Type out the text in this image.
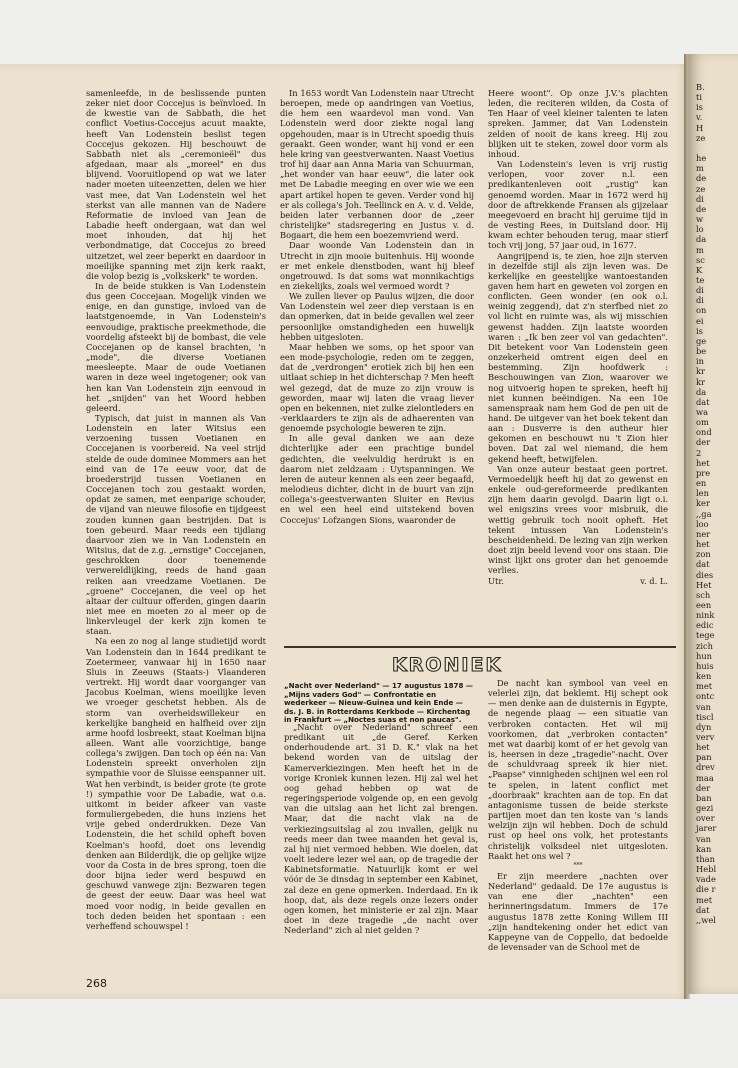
B.
ti
is
v.
H
ze

he
m
de
ze
di
de
w
lo
da
m
sc
K
te
di
di
on
ei
is
ge
be
in
kr
kr
da
dat
wa
om
ond
der
2
het
pre
en
len
ker
,,ga
loo
ner
het
zon
dat
dies
Het
sch
een
nink
edic
tege
zich
hun
huis
ken
met
ontc
van
tiscl
dyn
verv
het
pan
drev
maa
der
ban
gezi
over
jarer
van
kan
than
Hebl
vade
die r
met
dat
,,wel

samenleefde, in de beslissende punten zeker niet door Coccejus is beïnvloed. In de kwestie van de Sabbath, die het conflict Voetius-Coccejus acuut maakte, heeft Van Lodenstein beslist tegen Coccejus gekozen. Hij beschouwt de Sabbath niet als „ceremonieël" dus afgedaan, maar als „moreel" en dus blijvend. Vooruitlopend op wat we later nader moeten uiteenzetten, delen we hier vast mee, dat Van Lodenstein wel het sterkst van alle mannen van de Nadere Reformatie de invloed van Jean de Labadie heeft ondergaan, wat dan wel moet inhouden, dat hij het verbondmatige, dat Coccejus zo breed uitzetzet, wel zeer beperkt en daardoor in moeilijke spanning met zijn kerk raakt, die volop bezig is „volkskerk" te worden.

In de beide stukken is Van Lodenstein dus geen Coccejaan. Mogelijk vinden we enige, en dan gunstige, invloed van de laatstgenoemde, in Van Lodenstein's eenvoudige, praktische preekmethode, die voordelig afsteekt bij de bombast, die vele Coccejanen op de kansel brachten, 'n „mode", die diverse Voetianen meesleepte. Maar de oude Voetianen waren in deze weel ingetogener; ook van hen kan Van Lodenstein zijn eenvoud in het „snijden" van het Woord hebben geleerd.

Typisch, dat juist in mannen als Van Lodenstein en later Witsius een verzoening tussen Voetianen en Coccejanen is voorbereid. Na veel strijd stelde de oude dominee Mommers aan het eind van de 17e eeuw voor, dat de broederstrijd tussen Voetianen en Coccejanen toch zou gestaakt worden, opdat ze samen, met eenparige schouder, de vijand van nieuwe filosofie en tijdgeest zouden kunnen gaan bestrijden. Dat is toen gebeurd. Maar reeds een tijdlang daarvoor zien we in Van Lodenstein en Witsius, dat de z.g. „ernstige" Coccejanen, geschrokken door toenemende verwereldlijking, reeds de hand gaan reiken aan vreedzame Voetianen. De „groene" Coccejanen, die veel op het altaar der cultuur offerden, gingen daarin niet mee en moeten zo al meer op de linkervleugel der kerk zijn komen te staan.

Na een zo nog al lange studietijd wordt Van Lodenstein dan in 1644 predikant te Zoetermeer, vanwaar hij in 1650 naar Sluis in Zeeuws (Staats-) Vlaanderen vertrekt. Hij wordt daar voorganger van Jacobus Koelman, wiens moeilijke leven we vroeger geschetst hebben. Als de storm van overheidswillekeur en kerkelijke bangheid en halfheid over zijn arme hoofd losbreekt, staat Koelman bijna alleen. Want alle voorzichtige, bange collega's zwijgen. Dan toch op één na: Van Lodenstein spreekt onverholen zijn sympathie voor de Sluisse eenspanner uit. Wat hen verbindt, is beider grote (te grote !) sympathie voor De Labadie, wat o.a. uitkomt in beider afkeer van vaste formuliergebeden, die huns inziens het vrije gebed onderdrukken. Deze Van Lodenstein, die het schild opheft boven Koelman's hoofd, doet ons levendig denken aan Bilderdijk, die op gelijke wijze voor da Costa in de bres sprong, toen die door bijna ieder werd bespuwd en geschuwd vanwege zijn: Bezwaren tegen de geest der eeuw. Daar was heel wat moed voor nodig, in beide gevallen en toch deden beiden het spontaan : een verheffend schouwspel !

In 1653 wordt Van Lodenstein naar Utrecht beroepen, mede op aandringen van Voetius, die hem een waardevol man vond. Van Lodenstein werd door ziekte nogal lang opgehouden, maar is in Utrecht spoedig thuis geraakt. Geen wonder, want hij vond er een hele kring van geestverwanten. Naast Voetius trof hij daar aan Anna Maria van Schuurman, „het wonder van haar eeuw", die later ook met De Labadie meeging en over wie we een apart artikel hopen te geven. Verder vond hij er als collega's Joh. Teellinck en A. v. d. Velde, beiden later verbannen door de „zeer christelijke" stadsregering en Justus v. d. Bogaart, die hem een boezemvriend werd.

Daar woonde Van Lodenstein dan in Utrecht in zijn mooie buitenhuis. Hij woonde er met enkele dienstboden, want hij bleef ongetrouwd. Is dat soms wat monnikachtigs en ziekelijks, zoals wel vermoed wordt ?

We zullen liever op Paulus wijzen, die door Van Lodenstein wel zeer diep verstaan is en dan opmerken, dat in beide gevallen wel zeer persoonlijke omstandigheden een huwelijk hebben uitgesloten.

Maar hebben we soms, op het spoor van een mode-psychologie, reden om te zeggen, dat de „verdrongen" erotiek zich bij hen een uitlaat schiep in het dichterschap ? Men heeft wel gezegd, dat de muze zo zijn vrouw is geworden, maar wij laten die vraag liever open en bekennen, niet zulke zielontleders en -verklaarders te zijn als de adhaerenten van genoemde psychologie beweren te zijn.

In alle geval danken we aan deze dichterlijke ader een prachtige bundel gedichten, die veelvuldig herdrukt is en daarom niet zeldzaam : Uytspanningen. We leren de auteur kennen als een zeer begaafd, melodieus dichter, dicht in de buurt van zijn collega's-geestverwanten Sluiter en Revius en wel een heel eind uitstekend boven Coccejus' Lofzangen Sions, waaronder de

Heere woont". Op onze J.V.'s plachten leden, die reciteren wilden, da Costa of Ten Haar of veel kleiner talenten te laten spreken. Jammer, dat Van Lodenstein zelden of nooit de kans kreeg. Hij zou blijken uit te steken, zowel door vorm als inhoud.

Van Lodenstein's leven is vrij rustig verlopen, voor zover n.l. een predikantenleven ooit „rustig" kan genoemd worden. Maar in 1672 werd hij door de aftrekkende Fransen als gijzelaar meegevoerd en bracht hij geruime tijd in de vesting Rees, in Duitsland door. Hij kwam echter behouden terug, maar stierf toch vrij jong, 57 jaar oud, in 1677.

Aangrijpend is, te zien, hoe zijn sterven in dezelfde stijl als zijn leven was. De kerkelijke en geestelijke wantoestanden gaven hem hart en geweten vol zorgen en conflicten. Geen wonder (en ook o.l. weinig zeggend), dat z'n sterfbed niet zo vol licht en ruimte was, als wij misschien gewenst hadden. Zijn laatste woorden waren : „Ik ben zeer vol van gedachten". Dit betekent voor Van Lodenstein geen onzekerheid omtrent eigen deel en bestemming. Zijn hoofdwerk : Beschouwingen van Zion, waarover we nog uitvoerig hopen te spreken, heeft hij niet kunnen beëindigen. Na een 10e samenspraak nam hem God de pen uit de hand. De uitgever van het boek tekent dan aan : Dusverre is den autheur hier gekomen en beschouwt nu 't Zion hier boven. Dat zal wel niemand, die hem gekend heeft, betwijfelen.

Van onze auteur bestaat geen portret. Vermoedelijk heeft hij dat zo gewenst en enkele oud-gereformeerde predikanten zijn hem daarin gevolgd. Daarin ligt o.i. wel enigszins vrees voor misbruik, die wettig gebruik toch nooit opheft. Het tekent intussen Van Lodenstein's bescheidenheid. De lezing van zijn werken doet zijn beeld levend voor ons staan. Die winst lijkt ons groter dan het genoemde verlies.

Utr.	v. d. L.
KRONIEK
„Nacht over Nederland" — 17 augustus 1878 — „Mijns vaders God" — Confrontatie en wederkeer — Nieuw-Guinea und kein Ende — ds. J. B. in Rotterdams Kerkbode — Kirchentag in Frankfurt — „Noctes suas et non paucas".

„Nacht over Nederland" schreef een predikant uit „de Geref. Kerken onderhoudende art. 31 D. K." vlak na het bekend worden van de uitslag der Kamerverkiezingen. Men heeft het in de vorige Kroniek kunnen lezen. Hij zal wel het oog gehad hebben op wat de regeringsperiode volgende op, en een gevolg van die uitslag aan het licht zal brengen. Maar, dat die nacht vlak na de verkiezingsuitslag al zou invallen, gelijk nu reeds meer dan twee maanden het geval is, zal hij niet vermoed hebben. Wie doelen, dat voelt iedere lezer wel aan, op de tragedie der Kabinetsformatie. Natuurlijk komt er wel vóór de 3e dinsdag in september een Kabinet, zal deze en gene opmerken. Inderdaad. En ik hoop, dat, als deze regels onze lezers onder ogen komen, het ministerie er zal zijn. Maar doet in deze tragedie „de nacht over Nederland" zich al niet gelden ?

De nacht kan symbool van veel en velerlei zijn, dat beklemt. Hij schept ook — men denke aan de duisternis in Egypte, de negende plaag — een situatie van verbroken contacten. Het wil mij voorkomen, dat „verbroken contacten" met wat daarbij komt of er het gevolg van is, heersen in deze „tragedie"-nacht. Over de schuldvraag spreek ik hier niet. „Paapse" vinnigheden schijnen wel een rol te spelen, in latent conflict met „doorbraak" krachten aan de top. En dat antagonisme tussen de beide sterkste partijen moet dan ten koste van 's lands welzijn zijn wil hebben. Doch de schuld rust op heel ons volk, het protestants christelijk volksdeel niet uitgesloten. Raakt het ons wel ?

***

Er zijn meerdere „nachten over Nederland" gedaald. De 17e augustus is van ene dier „nachten" een herinneringsdatum. Immers de 17e augustus 1878 zette Koning Willem III „zijn handtekening onder het edict van Kappeyne van de Coppello, dat bedoelde de levensader van de School met de

268
